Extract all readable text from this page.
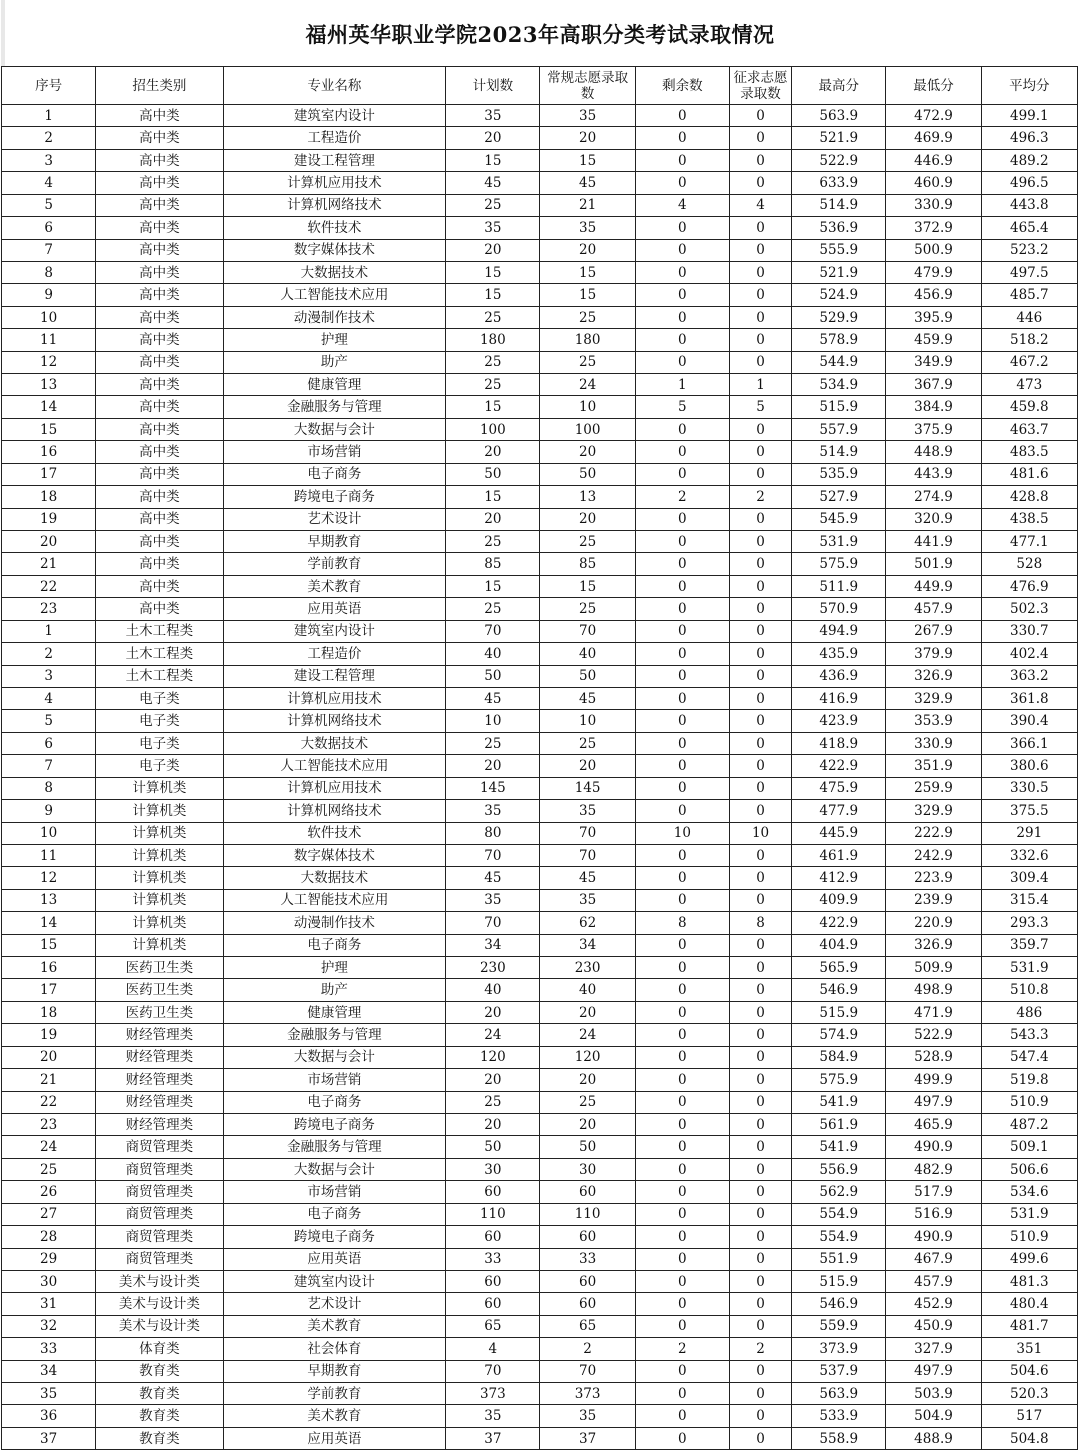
福州英华职业学院2023年高职分类考试录取情况
序号	招生类别	专业名称	计划数	常规志愿录取数	剩余数	征求志愿录取数	最高分	最低分	平均分
1	高中类	建筑室内设计	35	35	0	0	563.9	472.9	499.1
2	高中类	工程造价	20	20	0	0	521.9	469.9	496.3
3	高中类	建设工程管理	15	15	0	0	522.9	446.9	489.2
4	高中类	计算机应用技术	45	45	0	0	633.9	460.9	496.5
5	高中类	计算机网络技术	25	21	4	4	514.9	330.9	443.8
6	高中类	软件技术	35	35	0	0	536.9	372.9	465.4
7	高中类	数字媒体技术	20	20	0	0	555.9	500.9	523.2
8	高中类	大数据技术	15	15	0	0	521.9	479.9	497.5
9	高中类	人工智能技术应用	15	15	0	0	524.9	456.9	485.7
10	高中类	动漫制作技术	25	25	0	0	529.9	395.9	446
11	高中类	护理	180	180	0	0	578.9	459.9	518.2
12	高中类	助产	25	25	0	0	544.9	349.9	467.2
13	高中类	健康管理	25	24	1	1	534.9	367.9	473
14	高中类	金融服务与管理	15	10	5	5	515.9	384.9	459.8
15	高中类	大数据与会计	100	100	0	0	557.9	375.9	463.7
16	高中类	市场营销	20	20	0	0	514.9	448.9	483.5
17	高中类	电子商务	50	50	0	0	535.9	443.9	481.6
18	高中类	跨境电子商务	15	13	2	2	527.9	274.9	428.8
19	高中类	艺术设计	20	20	0	0	545.9	320.9	438.5
20	高中类	早期教育	25	25	0	0	531.9	441.9	477.1
21	高中类	学前教育	85	85	0	0	575.9	501.9	528
22	高中类	美术教育	15	15	0	0	511.9	449.9	476.9
23	高中类	应用英语	25	25	0	0	570.9	457.9	502.3
1	土木工程类	建筑室内设计	70	70	0	0	494.9	267.9	330.7
2	土木工程类	工程造价	40	40	0	0	435.9	379.9	402.4
3	土木工程类	建设工程管理	50	50	0	0	436.9	326.9	363.2
4	电子类	计算机应用技术	45	45	0	0	416.9	329.9	361.8
5	电子类	计算机网络技术	10	10	0	0	423.9	353.9	390.4
6	电子类	大数据技术	25	25	0	0	418.9	330.9	366.1
7	电子类	人工智能技术应用	20	20	0	0	422.9	351.9	380.6
8	计算机类	计算机应用技术	145	145	0	0	475.9	259.9	330.5
9	计算机类	计算机网络技术	35	35	0	0	477.9	329.9	375.5
10	计算机类	软件技术	80	70	10	10	445.9	222.9	291
11	计算机类	数字媒体技术	70	70	0	0	461.9	242.9	332.6
12	计算机类	大数据技术	45	45	0	0	412.9	223.9	309.4
13	计算机类	人工智能技术应用	35	35	0	0	409.9	239.9	315.4
14	计算机类	动漫制作技术	70	62	8	8	422.9	220.9	293.3
15	计算机类	电子商务	34	34	0	0	404.9	326.9	359.7
16	医药卫生类	护理	230	230	0	0	565.9	509.9	531.9
17	医药卫生类	助产	40	40	0	0	546.9	498.9	510.8
18	医药卫生类	健康管理	20	20	0	0	515.9	471.9	486
19	财经管理类	金融服务与管理	24	24	0	0	574.9	522.9	543.3
20	财经管理类	大数据与会计	120	120	0	0	584.9	528.9	547.4
21	财经管理类	市场营销	20	20	0	0	575.9	499.9	519.8
22	财经管理类	电子商务	25	25	0	0	541.9	497.9	510.9
23	财经管理类	跨境电子商务	20	20	0	0	561.9	465.9	487.2
24	商贸管理类	金融服务与管理	50	50	0	0	541.9	490.9	509.1
25	商贸管理类	大数据与会计	30	30	0	0	556.9	482.9	506.6
26	商贸管理类	市场营销	60	60	0	0	562.9	517.9	534.6
27	商贸管理类	电子商务	110	110	0	0	554.9	516.9	531.9
28	商贸管理类	跨境电子商务	60	60	0	0	554.9	490.9	510.9
29	商贸管理类	应用英语	33	33	0	0	551.9	467.9	499.6
30	美术与设计类	建筑室内设计	60	60	0	0	515.9	457.9	481.3
31	美术与设计类	艺术设计	60	60	0	0	546.9	452.9	480.4
32	美术与设计类	美术教育	65	65	0	0	559.9	450.9	481.7
33	体育类	社会体育	4	2	2	2	373.9	327.9	351
34	教育类	早期教育	70	70	0	0	537.9	497.9	504.6
35	教育类	学前教育	373	373	0	0	563.9	503.9	520.3
36	教育类	美术教育	35	35	0	0	533.9	504.9	517
37	教育类	应用英语	37	37	0	0	558.9	488.9	504.8
